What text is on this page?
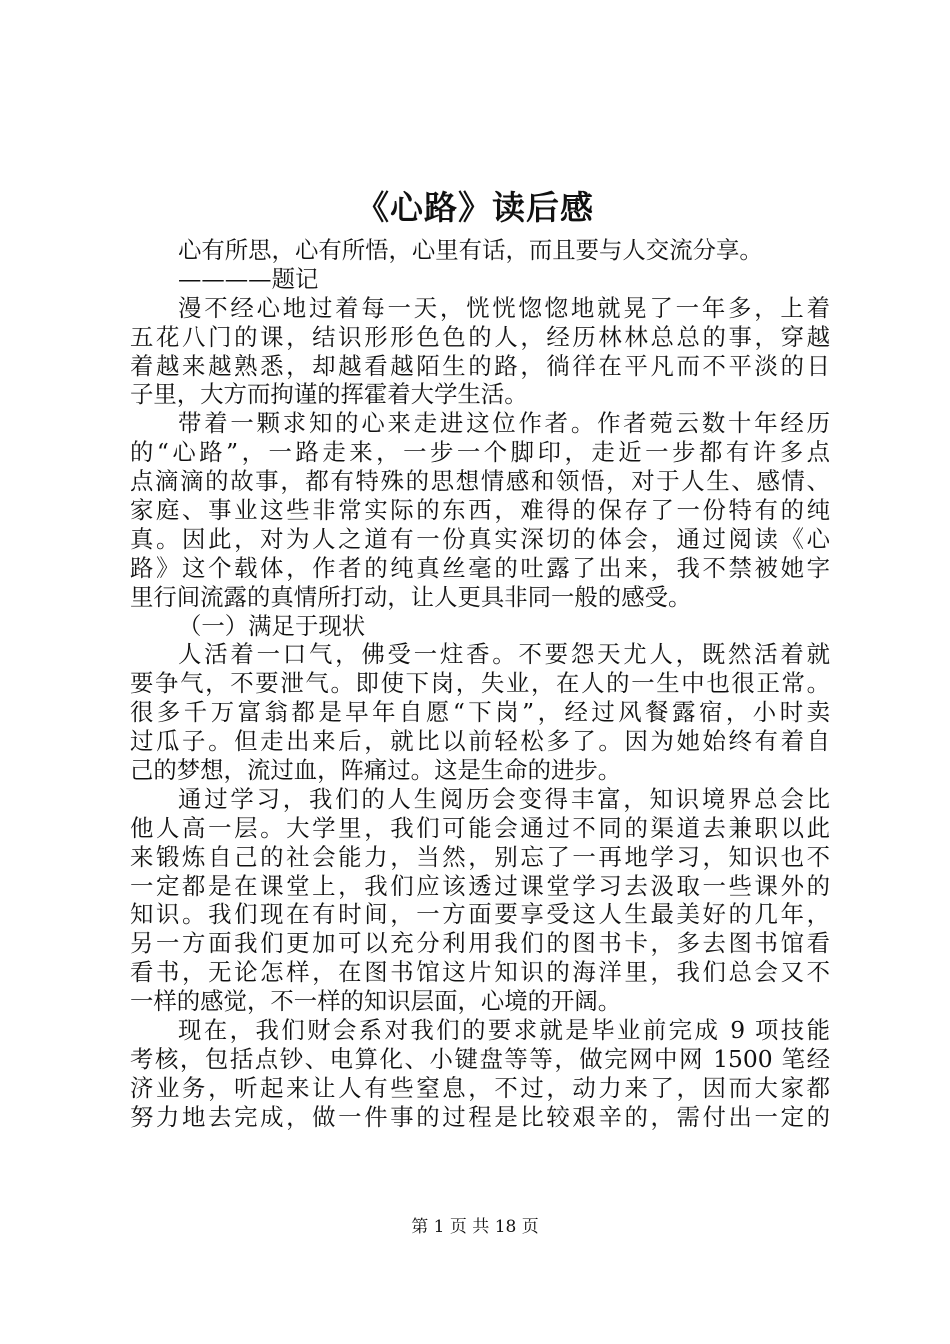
《心路》读后感
心有所思，心有所悟，心里有话，而且要与人交流分享。
————题记
漫不经心地过着每一天，恍恍惚惚地就晃了一年多，上着
五花八门的课，结识形形色色的人，经历林林总总的事，穿越
着越来越熟悉，却越看越陌生的路，徜徉在平凡而不平淡的日
子里，大方而拘谨的挥霍着大学生活。
带着一颗求知的心来走进这位作者。作者菀云数十年经历
的“心路”，一路走来，一步一个脚印，走近一步都有许多点
点滴滴的故事，都有特殊的思想情感和领悟，对于人生、感情、
家庭、事业这些非常实际的东西，难得的保存了一份特有的纯
真。因此，对为人之道有一份真实深切的体会，通过阅读《心
路》这个载体，作者的纯真丝毫的吐露了出来，我不禁被她字
里行间流露的真情所打动，让人更具非同一般的感受。
（一）满足于现状
人活着一口气，佛受一炷香。不要怨天尤人，既然活着就
要争气，不要泄气。即使下岗，失业，在人的一生中也很正常。
很多千万富翁都是早年自愿“下岗”，经过风餐露宿，小时卖
过瓜子。但走出来后，就比以前轻松多了。因为她始终有着自
己的梦想，流过血，阵痛过。这是生命的进步。
通过学习，我们的人生阅历会变得丰富，知识境界总会比
他人高一层。大学里，我们可能会通过不同的渠道去兼职以此
来锻炼自己的社会能力，当然，别忘了一再地学习，知识也不
一定都是在课堂上，我们应该透过课堂学习去汲取一些课外的
知识。我们现在有时间，一方面要享受这人生最美好的几年，
另一方面我们更加可以充分利用我们的图书卡，多去图书馆看
看书，无论怎样，在图书馆这片知识的海洋里，我们总会又不
一样的感觉，不一样的知识层面，心境的开阔。
现在，我们财会系对我们的要求就是毕业前完成 9 项技能
考核，包括点钞、电算化、小键盘等等，做完网中网 1500 笔经
济业务，听起来让人有些窒息，不过，动力来了，因而大家都
努力地去完成，做一件事的过程是比较艰辛的，需付出一定的
第 1 页 共 18 页
